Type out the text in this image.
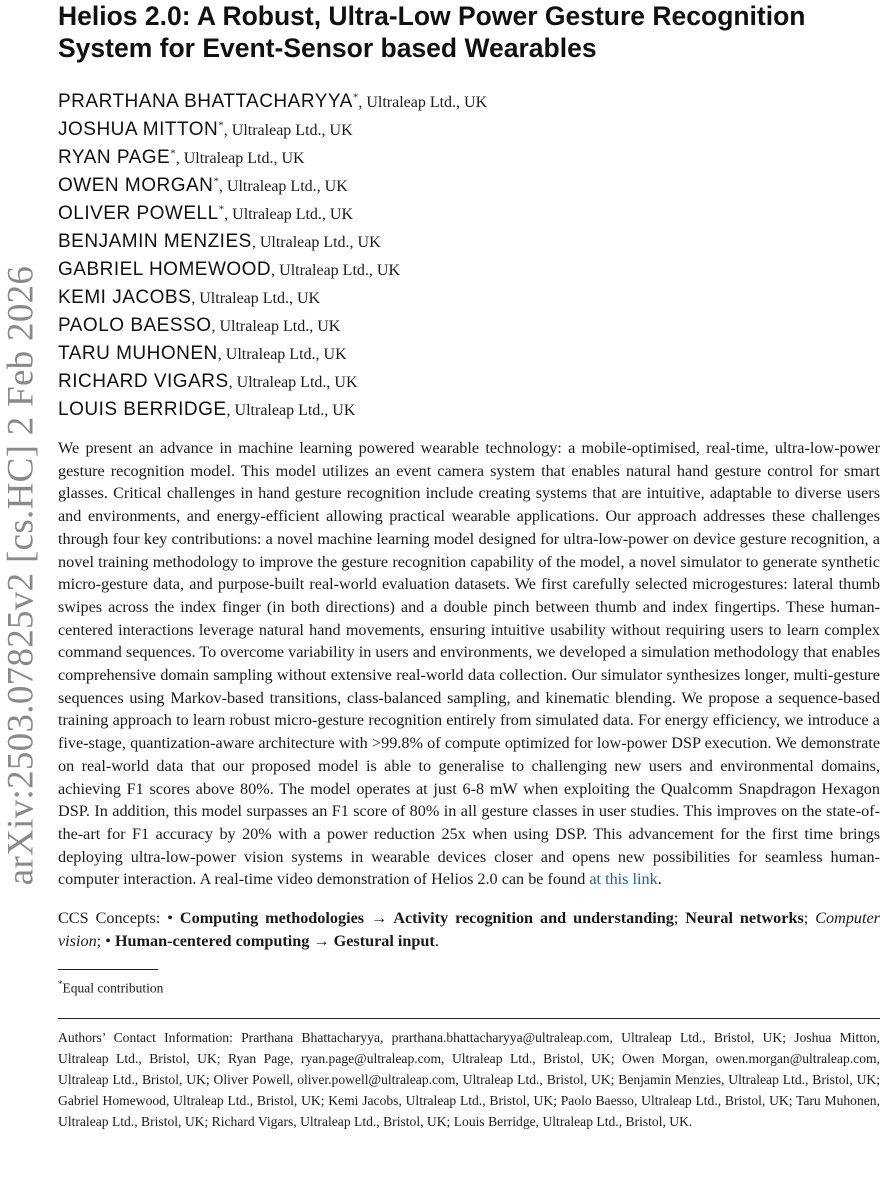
arXiv:2503.07825v2 [cs.HC] 2 Feb 2026
Helios 2.0: A Robust, Ultra-Low Power Gesture Recognition
System for Event-Sensor based Wearables
PRARTHANA BHATTACHARYYA*, Ultraleap Ltd., UK
JOSHUA MITTON*, Ultraleap Ltd., UK
RYAN PAGE*, Ultraleap Ltd., UK
OWEN MORGAN*, Ultraleap Ltd., UK
OLIVER POWELL*, Ultraleap Ltd., UK
BENJAMIN MENZIES, Ultraleap Ltd., UK
GABRIEL HOMEWOOD, Ultraleap Ltd., UK
KEMI JACOBS, Ultraleap Ltd., UK
PAOLO BAESSO, Ultraleap Ltd., UK
TARU MUHONEN, Ultraleap Ltd., UK
RICHARD VIGARS, Ultraleap Ltd., UK
LOUIS BERRIDGE, Ultraleap Ltd., UK

We present an advance in machine learning powered wearable technology: a mobile-optimised, real-time, ultra-low-power gesture recognition model. This model utilizes an event camera system that enables natural hand gesture control for smart glasses. Critical challenges in hand gesture recognition include creating systems that are intuitive, adaptable to diverse users and environments, and energy-efficient allowing practical wearable applications. Our approach addresses these challenges through four key contributions: a novel machine learning model designed for ultra-low-power on device gesture recognition, a novel training methodology to improve the gesture recognition capability of the model, a novel simulator to generate synthetic micro-gesture data, and purpose-built real-world evaluation datasets. We first carefully selected microgestures: lateral thumb swipes across the index finger (in both directions) and a double pinch between thumb and index fingertips. These human-centered interactions leverage natural hand movements, ensuring intuitive usability without requiring users to learn complex command sequences. To overcome variability in users and environments, we developed a simulation methodology that enables comprehensive domain sampling without extensive real-world data collection. Our simulator synthesizes longer, multi-gesture sequences using Markov-based transitions, class-balanced sampling, and kinematic blending. We propose a sequence-based training approach to learn robust micro-gesture recognition entirely from simulated data. For energy efficiency, we introduce a five-stage, quantization-aware architecture with >99.8% of compute optimized for low-power DSP execution. We demonstrate on real-world data that our proposed model is able to generalise to challenging new users and environmental domains, achieving F1 scores above 80%. The model operates at just 6-8 mW when exploiting the Qualcomm Snapdragon Hexagon DSP. In addition, this model surpasses an F1 score of 80% in all gesture classes in user studies. This improves on the state-of-the-art for F1 accuracy by 20% with a power reduction 25x when using DSP. This advancement for the first time brings deploying ultra-low-power vision systems in wearable devices closer and opens new possibilities for seamless human-computer interaction. A real-time video demonstration of Helios 2.0 can be found at this link.

CCS Concepts: • Computing methodologies → Activity recognition and understanding; Neural networks; Computer vision; • Human-centered computing → Gestural input.

*Equal contribution

Authors’ Contact Information: Prarthana Bhattacharyya, prarthana.bhattacharyya@ultraleap.com, Ultraleap Ltd., Bristol, UK; Joshua Mitton, Ultraleap Ltd., Bristol, UK; Ryan Page, ryan.page@ultraleap.com, Ultraleap Ltd., Bristol, UK; Owen Morgan, owen.morgan@ultraleap.com, Ultraleap Ltd., Bristol, UK; Oliver Powell, oliver.powell@ultraleap.com, Ultraleap Ltd., Bristol, UK; Benjamin Menzies, Ultraleap Ltd., Bristol, UK; Gabriel Homewood, Ultraleap Ltd., Bristol, UK; Kemi Jacobs, Ultraleap Ltd., Bristol, UK; Paolo Baesso, Ultraleap Ltd., Bristol, UK; Taru Muhonen, Ultraleap Ltd., Bristol, UK; Richard Vigars, Ultraleap Ltd., Bristol, UK; Louis Berridge, Ultraleap Ltd., Bristol, UK.
